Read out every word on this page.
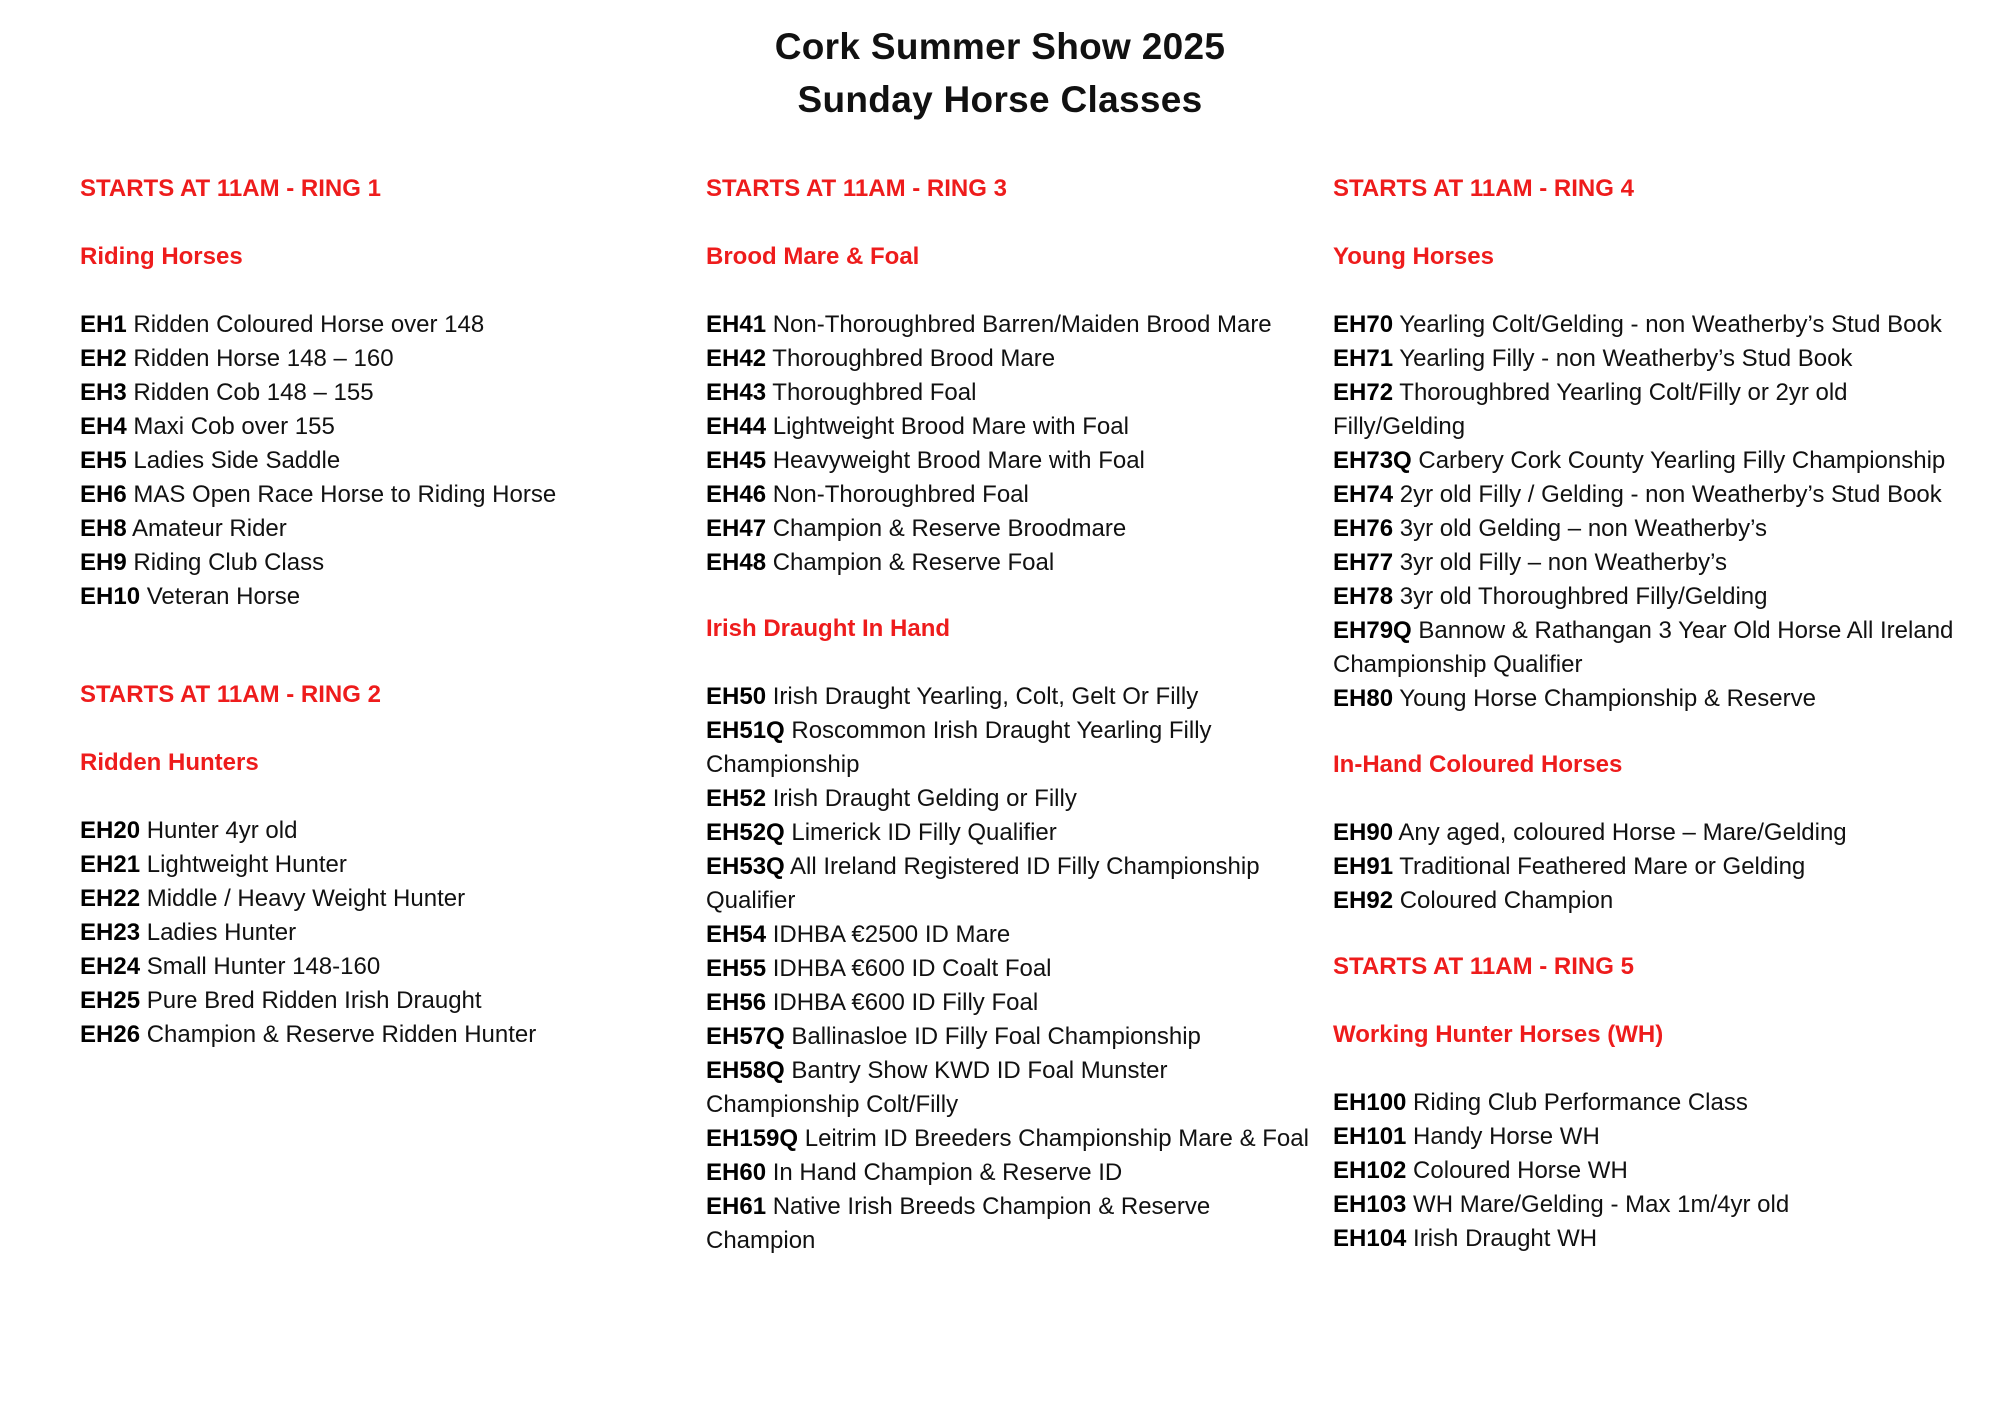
Cork Summer Show 2025
Sunday Horse Classes
STARTS AT 11AM - RING 1
Riding Horses
EH1 Ridden Coloured Horse over 148
EH2 Ridden Horse 148 – 160
EH3 Ridden Cob 148 – 155
EH4 Maxi Cob over 155
EH5 Ladies Side Saddle
EH6 MAS Open Race Horse to Riding Horse
EH8 Amateur Rider
EH9 Riding Club Class
EH10 Veteran Horse
STARTS AT 11AM - RING 2
Ridden Hunters
EH20 Hunter 4yr old
EH21 Lightweight Hunter
EH22 Middle / Heavy Weight Hunter
EH23 Ladies Hunter
EH24 Small Hunter 148-160
EH25 Pure Bred Ridden Irish Draught
EH26 Champion & Reserve Ridden Hunter
STARTS AT 11AM - RING 3
Brood Mare & Foal
EH41 Non-Thoroughbred Barren/Maiden Brood Mare
EH42 Thoroughbred Brood Mare
EH43 Thoroughbred Foal
EH44 Lightweight Brood Mare with Foal
EH45 Heavyweight Brood Mare with Foal
EH46 Non-Thoroughbred Foal
EH47 Champion & Reserve Broodmare
EH48 Champion & Reserve Foal
Irish Draught In Hand
EH50 Irish Draught Yearling, Colt, Gelt Or Filly
EH51Q Roscommon Irish Draught Yearling Filly Championship
EH52 Irish Draught Gelding or Filly
EH52Q Limerick ID Filly Qualifier
EH53Q All Ireland Registered ID Filly Championship Qualifier
EH54 IDHBA €2500 ID Mare
EH55 IDHBA €600 ID Coalt Foal
EH56 IDHBA €600 ID Filly Foal
EH57Q Ballinasloe ID Filly Foal Championship
EH58Q Bantry Show KWD ID Foal Munster Championship Colt/Filly
EH159Q Leitrim ID Breeders Championship Mare & Foal
EH60 In Hand Champion & Reserve ID
EH61 Native Irish Breeds Champion & Reserve Champion
STARTS AT 11AM - RING 4
Young Horses
EH70 Yearling Colt/Gelding - non Weatherby’s Stud Book
EH71 Yearling Filly - non Weatherby’s Stud Book
EH72 Thoroughbred Yearling Colt/Filly or 2yr old Filly/Gelding
EH73Q Carbery Cork County Yearling Filly Championship
EH74 2yr old Filly / Gelding - non Weatherby’s Stud Book
EH76 3yr old Gelding – non Weatherby’s
EH77 3yr old Filly – non Weatherby’s
EH78 3yr old Thoroughbred Filly/Gelding
EH79Q Bannow & Rathangan 3 Year Old Horse All Ireland Championship Qualifier
EH80 Young Horse Championship & Reserve
In-Hand Coloured Horses
EH90 Any aged, coloured Horse – Mare/Gelding
EH91 Traditional Feathered Mare or Gelding
EH92 Coloured Champion
STARTS AT 11AM - RING 5
Working Hunter Horses (WH)
EH100 Riding Club Performance Class
EH101 Handy Horse WH
EH102 Coloured Horse WH
EH103 WH Mare/Gelding - Max 1m/4yr old
EH104 Irish Draught WH
